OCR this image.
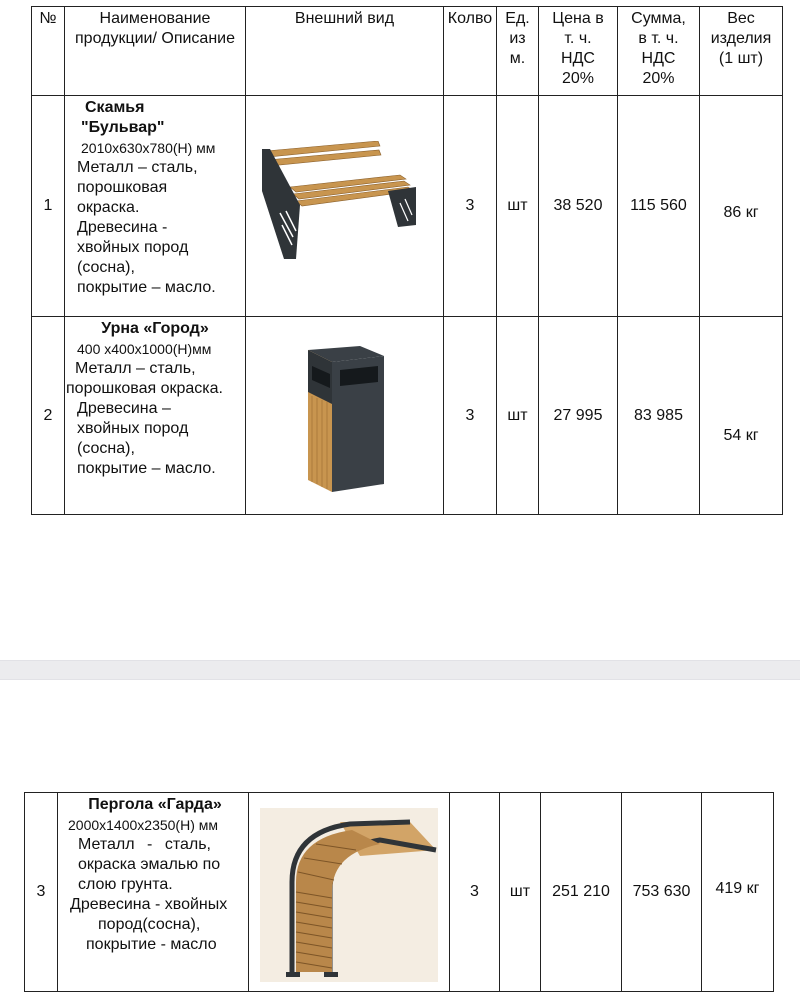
№	Наименование
продукции/ Описание
Внешний вид	Колво Ед.
из
м.
Цена в
т. ч.
НДС
20%
Сумма,
в т. ч.
НДС
20%
Вес
изделия
(1 шт)
1
Скамья
"Бульвар"
2010х630х780(Н) мм
Металл – сталь,
порошковая
окраска.
Древесина -
хвойных пород
(сосна),
покрытие – масло.
3 шт 38 520 115 560 86 кг
2
Урна «Город»
400 х400х1000(Н)мм
Металл – сталь,
порошковая окраска.
Древесина –
хвойных пород
(сосна),
покрытие – масло.
3 шт 27 995 83 985
54 кг
3
Пергола «Гарда»
2000х1400х2350(Н) мм
Металл - сталь,
окраска эмалью по
слою грунта.
Древесина - хвойных
пород(сосна),
покрытие - масло
3 шт 251 210 753 630 419 кг
